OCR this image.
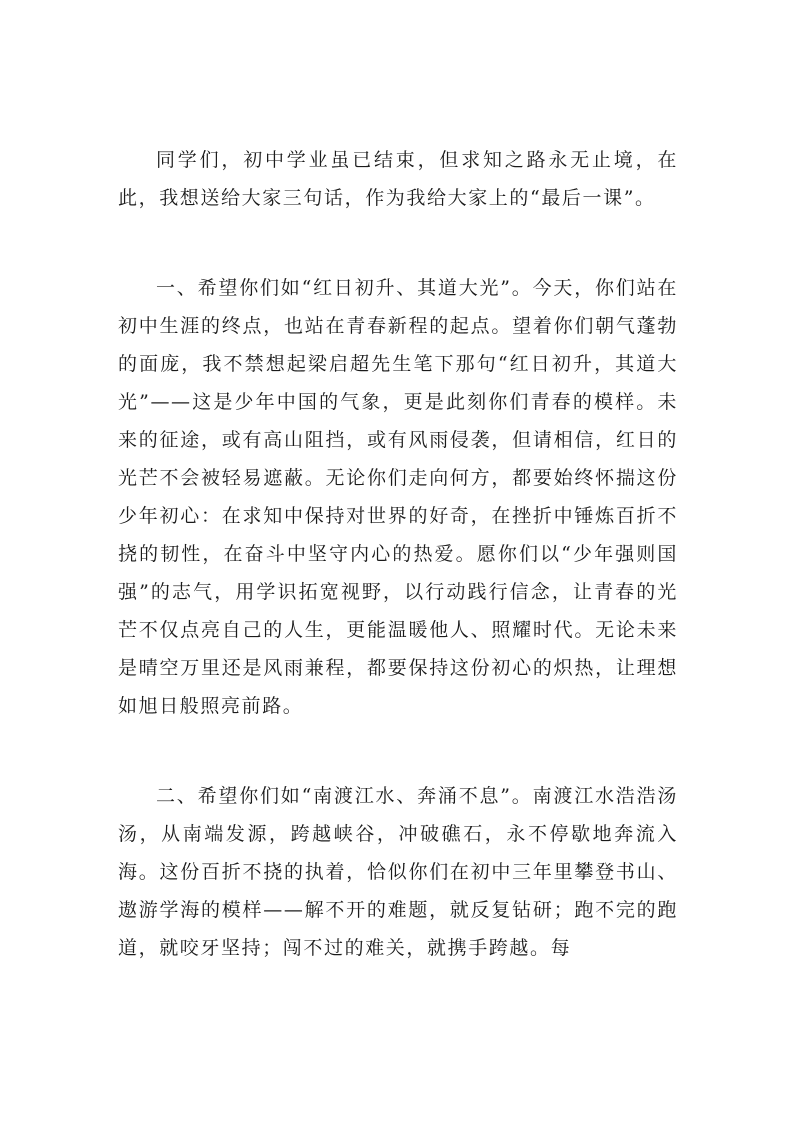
同学们，初中学业虽已结束，但求知之路永无止境，在此，我想送给大家三句话，作为我给大家上的“最后一课”。

一、希望你们如“红日初升、其道大光”。今天，你们站在初中生涯的终点，也站在青春新程的起点。望着你们朝气蓬勃的面庞，我不禁想起梁启超先生笔下那句“红日初升，其道大光”——这是少年中国的气象，更是此刻你们青春的模样。未来的征途，或有高山阻挡，或有风雨侵袭，但请相信，红日的光芒不会被轻易遮蔽。无论你们走向何方，都要始终怀揣这份少年初心：在求知中保持对世界的好奇，在挫折中锤炼百折不挠的韧性，在奋斗中坚守内心的热爱。愿你们以“少年强则国强”的志气，用学识拓宽视野，以行动践行信念，让青春的光芒不仅点亮自己的人生，更能温暖他人、照耀时代。无论未来是晴空万里还是风雨兼程，都要保持这份初心的炽热，让理想如旭日般照亮前路。

二、希望你们如“南渡江水、奔涌不息”。南渡江水浩浩汤汤，从南端发源，跨越峡谷，冲破礁石，永不停歇地奔流入海。这份百折不挠的执着，恰似你们在初中三年里攀登书山、遨游学海的模样——解不开的难题，就反复钻研；跑不完的跑道，就咬牙坚持；闯不过的难关，就携手跨越。每
